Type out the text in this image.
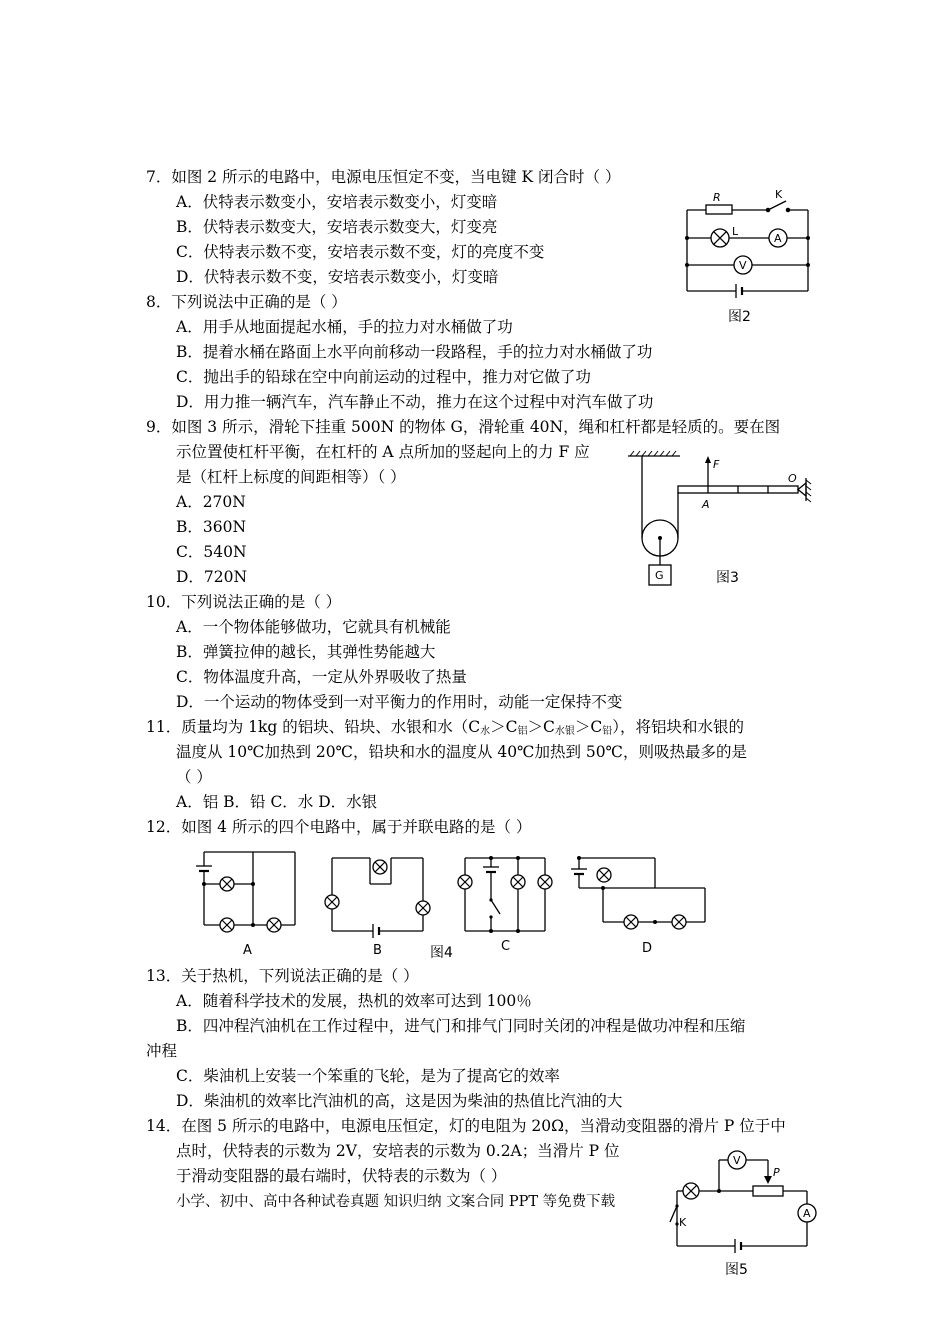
7．如图 2 所示的电路中，电源电压恒定不变，当电键 K 闭合时（ ）
A．伏特表示数变小，安培表示数变小，灯变暗
B．伏特表示数变大，安培表示数变大，灯变亮
C．伏特表示数不变，安培表示数不变，灯的亮度不变
D．伏特表示数不变，安培表示数变小，灯变暗
R	K
L
A
V
图2
8．下列说法中正确的是（ ）
A．用手从地面提起水桶，手的拉力对水桶做了功
B．提着水桶在路面上水平向前移动一段路程，手的拉力对水桶做了功
C．抛出手的铅球在空中向前运动的过程中，推力对它做了功
D．用力推一辆汽车，汽车静止不动，推力在这个过程中对汽车做了功
9．如图 3 所示，滑轮下挂重 500N 的物体 G，滑轮重 40N，绳和杠杆都是轻质的。要在图
示位置使杠杆平衡，在杠杆的 A 点所加的竖起向上的力 F 应
是（杠杆上标度的间距相等）（ ）
A．270N
B．360N
C．540N
D．720N
F
A
O
G	图3
10．下列说法正确的是（ ）
A．一个物体能够做功，它就具有机械能
B．弹簧拉伸的越长，其弹性势能越大
C．物体温度升高，一定从外界吸收了热量
D．一个运动的物体受到一对平衡力的作用时，动能一定保持不变
11．质量均为 1kg 的铝块、铅块、水银和水$(C_水>C_铝>C_{水银}>C_铅)$，将铝块和水银的
温度从 10℃加热到 20℃，铅块和水的温度从 40℃加热到 50℃，则吸热最多的是
（ ）
A．铝 B．铅 C．水 D．水银
12．如图 4 所示的四个电路中，属于并联电路的是（ ）
A	B	C	D
图4
13．关于热机，下列说法正确的是（ ）
A．随着科学技术的发展，热机的效率可达到 100％
B．四冲程汽油机在工作过程中，进气门和排气门同时关闭的冲程是做功冲程和压缩
冲程
C．柴油机上安装一个笨重的飞轮，是为了提高它的效率
D．柴油机的效率比汽油机的高，这是因为柴油的热值比汽油的大
14．在图 5 所示的电路中，电源电压恒定，灯的电阻为 20Ω，当滑动变阻器的滑片 P 位于中
点时，伏特表的示数为 2V，安培表的示数为 0.2A；当滑片 P 位
于滑动变阻器的最右端时，伏特表的示数为（ ）
小学、初中、高中各种试卷真题 知识归纳 文案合同 PPT 等免费下载
V
P
A
K
图5
